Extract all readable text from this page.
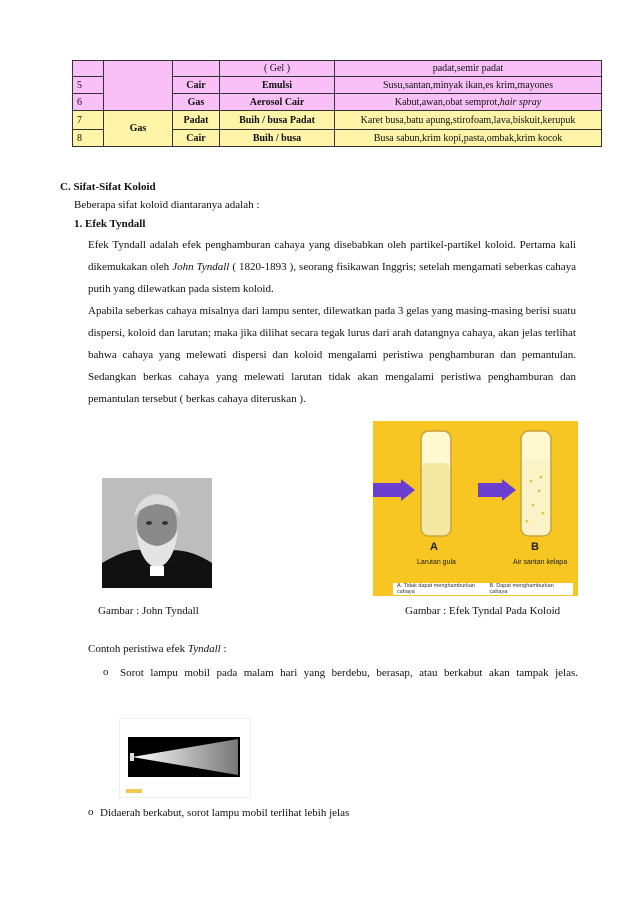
			( Gel )	padat,semir padat
5		Cair	Emulsi	Susu,santan,minyak ikan,es krim,mayones
6		Gas	Aerosol Cair	Kabut,awan,obat semprot,hair spray
7	Gas	Padat	Buih / busa Padat	Karet busa,batu apung,stirofoam,lava,biskuit,kerupuk
8		Cair	Buih / busa	Busa sabun,krim kopi,pasta,ombak,krim kocok
C. Sifat-Sifat Koloid
Beberapa sifat koloid diantaranya adalah :
1. Efek Tyndall
Efek Tyndall adalah efek penghamburan cahaya yang disebabkan oleh partikel-partikel koloid. Pertama kali dikemukakan oleh John Tyndall ( 1820-1893 ), seorang fisikawan Inggris; setelah mengamati seberkas cahaya putih yang dilewatkan pada sistem koloid.
Apabila seberkas cahaya misalnya dari lampu senter, dilewatkan pada 3 gelas yang masing-masing berisi suatu dispersi, koloid dan larutan; maka jika dilihat secara tegak lurus dari arah datangnya cahaya, akan jelas terlihat bahwa cahaya yang melewati dispersi dan koloid mengalami peristiwa penghamburan dan pemantulan. Sedangkan berkas cahaya yang melewati larutan tidak akan mengalami peristiwa penghamburan dan pemantulan tersebut ( berkas cahaya diteruskan ).
A	B
Larutan gula	Air santan kelapa
A. Tidak dapat menghamburkan cahaya
B. Dapat menghamburkan cahaya
Gambar : John Tyndall	Gambar : Efek Tyndal Pada Koloid
Contoh peristiwa efek Tyndall :
o Sorot lampu mobil pada malam hari yang berdebu, berasap, atau berkabut akan tampak jelas.
o Didaerah berkabut, sorot lampu mobil terlihat lebih jelas
